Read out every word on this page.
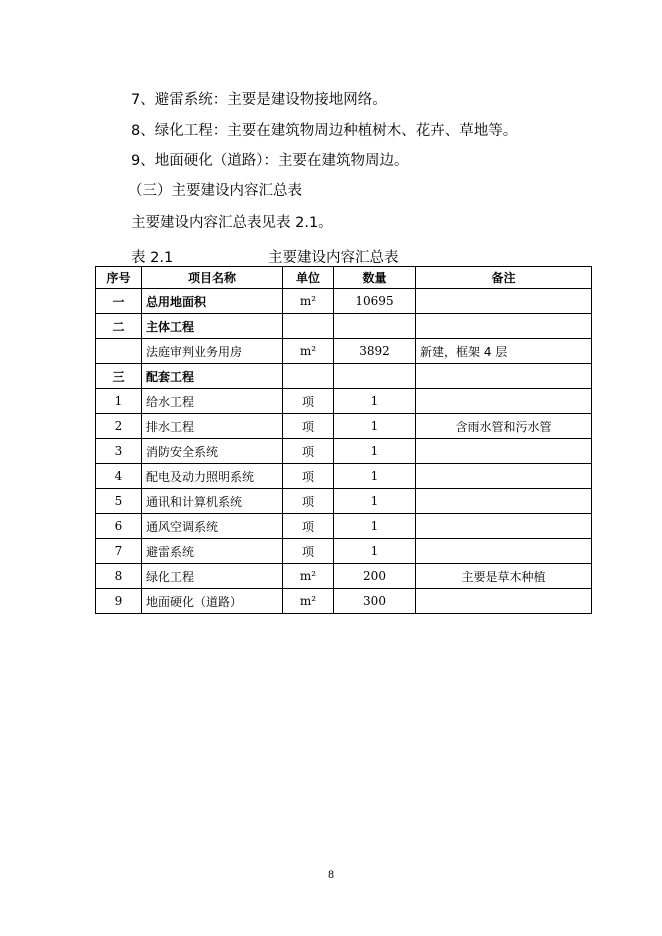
7、避雷系统：主要是建设物接地网络。
8、绿化工程：主要在建筑物周边种植树木、花卉、草地等。
9、地面硬化（道路）：主要在建筑物周边。
（三）主要建设内容汇总表
主要建设内容汇总表见表 2.1。
表 2.1	主要建设内容汇总表
序号	项目名称	单位	数量	备注
一	总用地面积	m²	10695	
二	主体工程			
	法庭审判业务用房	m²	3892	新建，框架 4 层
三	配套工程			
1	给水工程	项	1	
2	排水工程	项	1	含雨水管和污水管
3	消防安全系统	项	1	
4	配电及动力照明系统	项	1	
5	通讯和计算机系统	项	1	
6	通风空调系统	项	1	
7	避雷系统	项	1	
8	绿化工程	m²	200	主要是草木种植
9	地面硬化（道路）	m²	300	
8
